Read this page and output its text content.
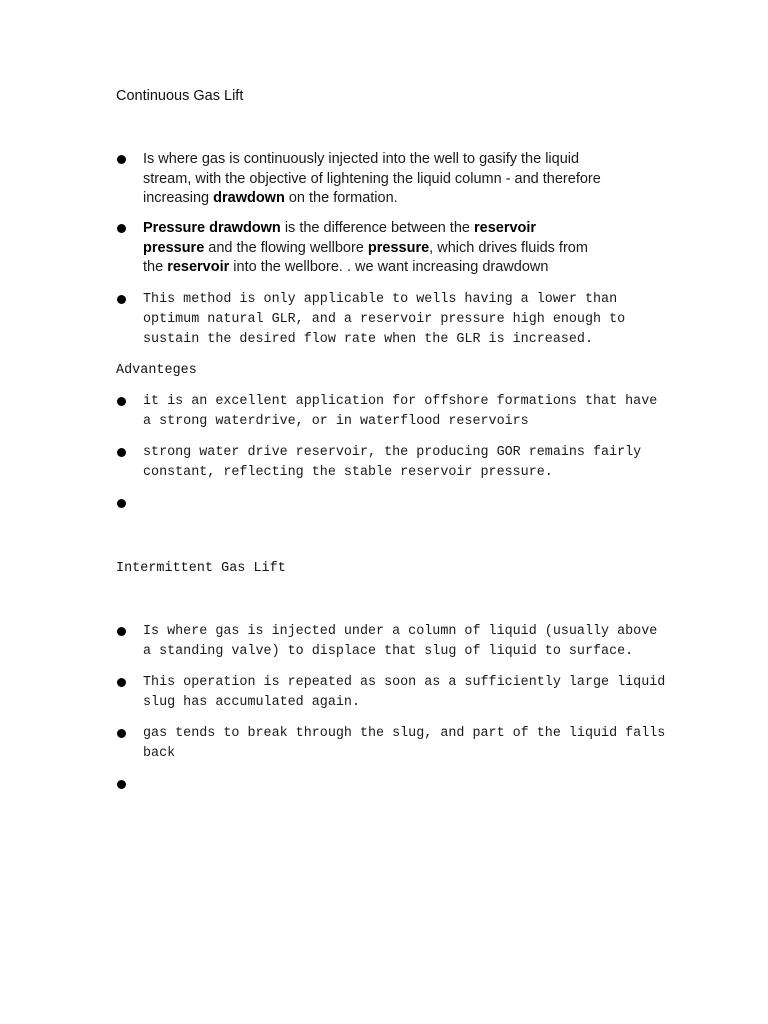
Continuous Gas Lift
Is where gas is continuously injected into the well to gasify the liquid
stream, with the objective of lightening the liquid column - and therefore
increasing drawdown on the formation.
Pressure drawdown is the difference between the reservoir
pressure and the flowing wellbore pressure, which drives fluids from
the reservoir into the wellbore. . we want increasing drawdown
This method is only applicable to wells having a lower than
optimum natural GLR, and a reservoir pressure high enough to
sustain the desired flow rate when the GLR is increased.
Advanteges
it is an excellent application for offshore formations that have
a strong waterdrive, or in waterflood reservoirs
strong water drive reservoir, the producing GOR remains fairly
constant, reflecting the stable reservoir pressure.
Intermittent Gas Lift
Is where gas is injected under a column of liquid (usually above
a standing valve) to displace that slug of liquid to surface.
This operation is repeated as soon as a sufficiently large liquid
slug has accumulated again.
gas tends to break through the slug, and part of the liquid falls
back
